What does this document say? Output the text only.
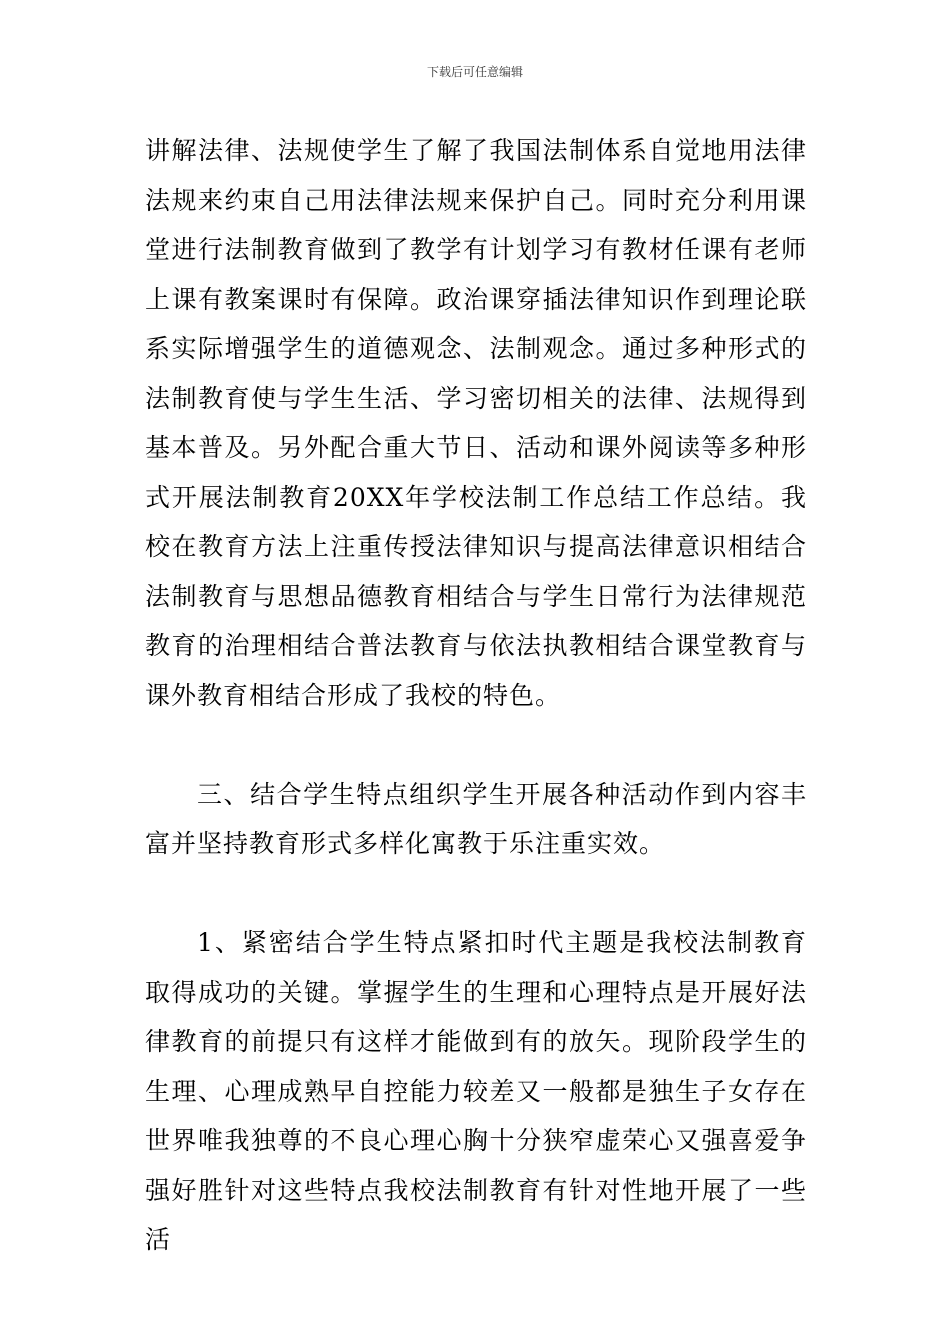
下载后可任意编辑

讲解法律、法规使学生了解了我国法制体系自觉地用法律法规来约束自己用法律法规来保护自己。同时充分利用课堂进行法制教育做到了教学有计划学习有教材任课有老师上课有教案课时有保障。政治课穿插法律知识作到理论联系实际增强学生的道德观念、法制观念。通过多种形式的法制教育使与学生生活、学习密切相关的法律、法规得到基本普及。另外配合重大节日、活动和课外阅读等多种形式开展法制教育20XX年学校法制工作总结工作总结。我校在教育方法上注重传授法律知识与提高法律意识相结合法制教育与思想品德教育相结合与学生日常行为法律规范教育的治理相结合普法教育与依法执教相结合课堂教育与课外教育相结合形成了我校的特色。

三、结合学生特点组织学生开展各种活动作到内容丰富并坚持教育形式多样化寓教于乐注重实效。

1、紧密结合学生特点紧扣时代主题是我校法制教育取得成功的关键。掌握学生的生理和心理特点是开展好法律教育的前提只有这样才能做到有的放矢。现阶段学生的生理、心理成熟早自控能力较差又一般都是独生子女存在世界唯我独尊的不良心理心胸十分狭窄虚荣心又强喜爱争强好胜针对这些特点我校法制教育有针对性地开展了一些活
